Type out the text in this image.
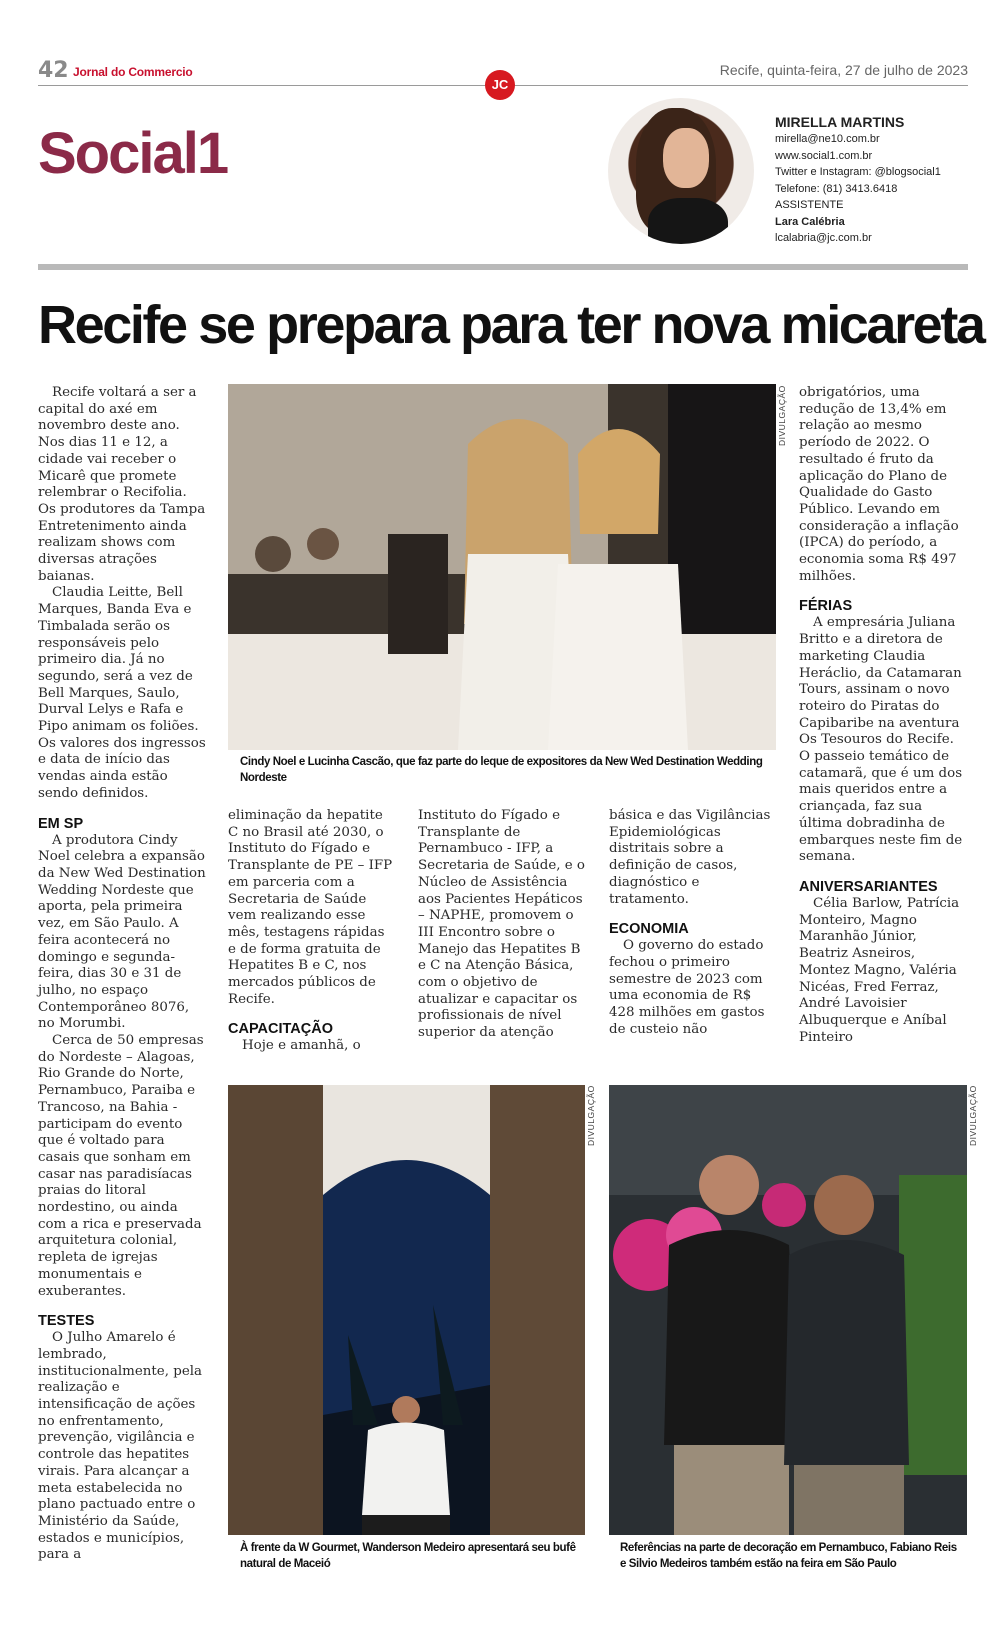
42 Jornal do Commercio	Recife, quinta-feira, 27 de julho de 2023
JC
Social1	MIRELLA MARTINS
mirella@ne10.com.br
www.social1.com.br
Twitter e Instagram: @blogsocial1
Telefone: (81) 3413.6418
ASSISTENTE
Lara Calébria
lcalabria@jc.com.br
Recife se prepara para ter nova micareta

Recife voltará a ser a capital do axé em novembro deste ano. Nos dias 11 e 12, a cidade vai receber o Micarê que promete relembrar o Recifolia. Os produtores da Tampa Entretenimento ainda realizam shows com diversas atrações baianas.

Claudia Leitte, Bell Marques, Banda Eva e Timbalada serão os responsáveis pelo primeiro dia. Já no segundo, será a vez de Bell Marques, Saulo, Durval Lelys e Rafa e Pipo animam os foliões. Os valores dos ingressos e data de início das vendas ainda estão sendo definidos.

EM SP

A produtora Cindy Noel celebra a expansão da New Wed Destination Wedding Nordeste que aporta, pela primeira vez, em São Paulo. A feira acontecerá no domingo e segunda-feira, dias 30 e 31 de julho, no espaço Contemporâneo 8076, no Morumbi.

Cerca de 50 empresas do Nordeste – Alagoas, Rio Grande do Norte, Pernambuco, Paraiba e Trancoso, na Bahia - participam do evento que é voltado para casais que sonham em casar nas paradisíacas praias do litoral nordestino, ou ainda com a rica e preservada arquitetura colonial, repleta de igrejas monumentais e exuberantes.

TESTES

O Julho Amarelo é lembrado, institucionalmente, pela realização e intensificação de ações no enfrentamento, prevenção, vigilância e controle das hepatites virais. Para alcançar a meta estabelecida no plano pactuado entre o Ministério da Saúde, estados e municípios, para a

DIVULGAÇÃO
Cindy Noel e Lucinha Cascão, que faz parte do leque de expositores da New Wed Destination Wedding Nordeste

eliminação da hepatite C no Brasil até 2030, o Instituto do Fígado e Transplante de PE – IFP em parceria com a Secretaria de Saúde vem realizando esse mês, testagens rápidas e de forma gratuita de Hepatites B e C, nos mercados públicos de Recife.

CAPACITAÇÃO

Hoje e amanhã, o

Instituto do Fígado e Transplante de Pernambuco - IFP, a Secretaria de Saúde, e o Núcleo de Assistência aos Pacientes Hepáticos – NAPHE, promovem o III Encontro sobre o Manejo das Hepatites B e C na Atenção Básica, com o objetivo de atualizar e capacitar os profissionais de nível superior da atenção

básica e das Vigilâncias Epidemiológicas distritais sobre a definição de casos, diagnóstico e tratamento.

ECONOMIA

O governo do estado fechou o primeiro semestre de 2023 com uma economia de R$ 428 milhões em gastos de custeio não

obrigatórios, uma redução de 13,4% em relação ao mesmo período de 2022. O resultado é fruto da aplicação do Plano de Qualidade do Gasto Público. Levando em consideração a inflação (IPCA) do período, a economia soma R$ 497 milhões.

FÉRIAS

A empresária Juliana Britto e a diretora de marketing Claudia Heráclio, da Catamaran Tours, assinam o novo roteiro do Piratas do Capibaribe na aventura Os Tesouros do Recife. O passeio temático de catamarã, que é um dos mais queridos entre a criançada, faz sua última dobradinha de embarques neste fim de semana.

ANIVERSARIANTES

Célia Barlow, Patrícia Monteiro, Magno Maranhão Júnior, Beatriz Asneiros, Montez Magno, Valéria Nicéas, Fred Ferraz, André Lavoisier Albuquerque e Aníbal Pinteiro

DIVULGAÇÃO
À frente da W Gourmet, Wanderson Medeiro apresentará seu bufê natural de Maceió
DIVULGAÇÃO
Referências na parte de decoração em Pernambuco, Fabiano Reis e Silvio Medeiros também estão na feira em São Paulo
